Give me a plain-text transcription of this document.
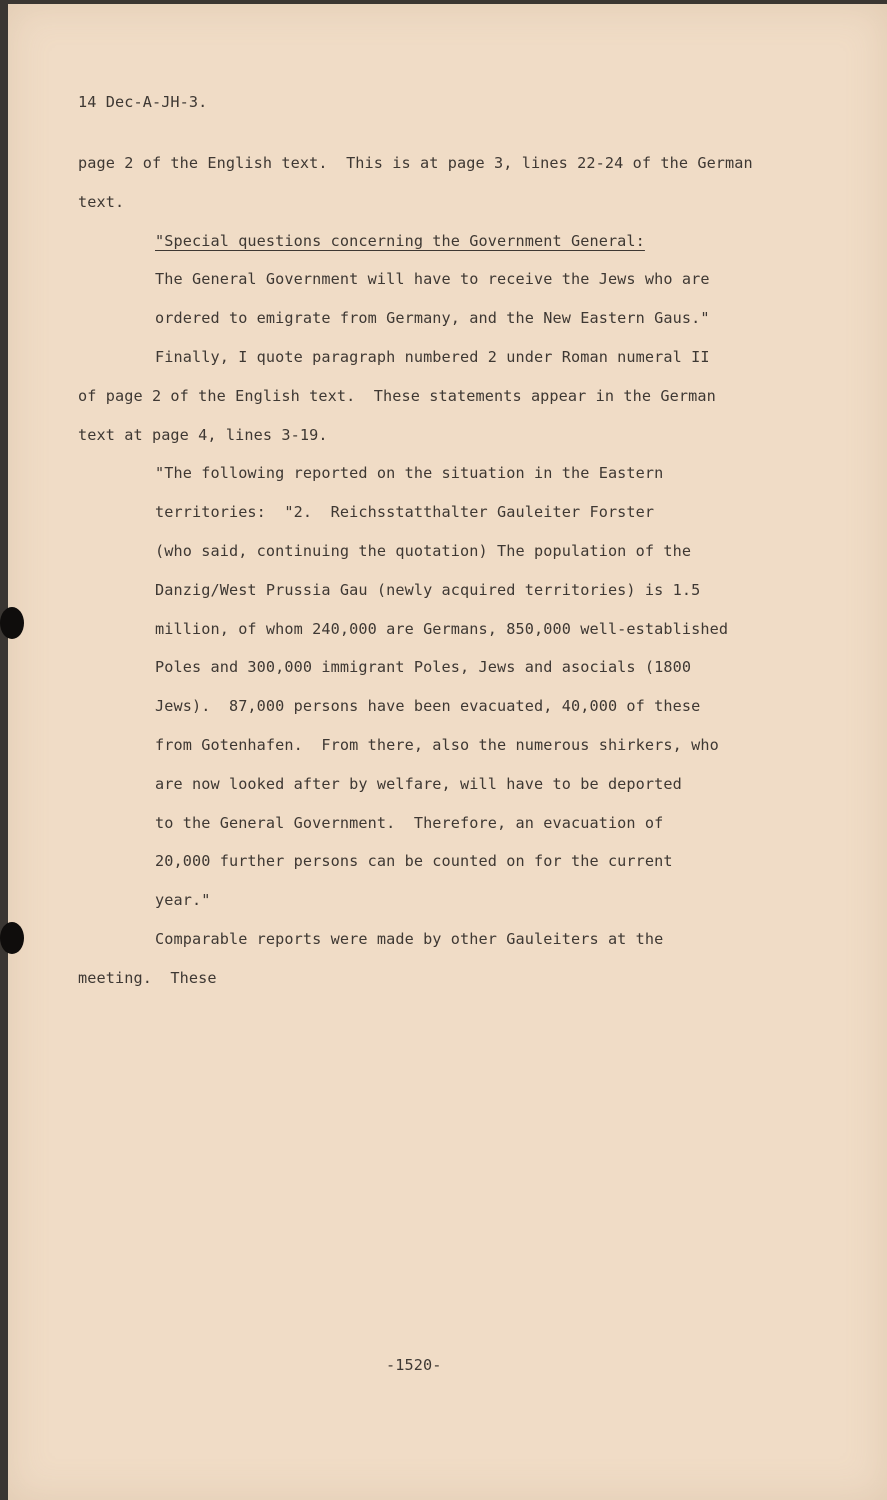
14 Dec-A-JH-3.
page 2 of the English text.  This is at page 3, lines 22-24 of the German
text.
"Special questions concerning the Government General:
The General Government will have to receive the Jews who are
ordered to emigrate from Germany, and the New Eastern Gaus."
Finally, I quote paragraph numbered 2 under Roman numeral II
of page 2 of the English text.  These statements appear in the German
text at page 4, lines 3-19.
"The following reported on the situation in the Eastern
territories:  "2.  Reichsstatthalter Gauleiter Forster
(who said, continuing the quotation) The population of the
Danzig/West Prussia Gau (newly acquired territories) is 1.5
million, of whom 240,000 are Germans, 850,000 well-established
Poles and 300,000 immigrant Poles, Jews and asocials (1800
Jews).  87,000 persons have been evacuated, 40,000 of these
from Gotenhafen.  From there, also the numerous shirkers, who
are now looked after by welfare, will have to be deported
to the General Government.  Therefore, an evacuation of
20,000 further persons can be counted on for the current
year."
Comparable reports were made by other Gauleiters at the
meeting.  These
-1520-
